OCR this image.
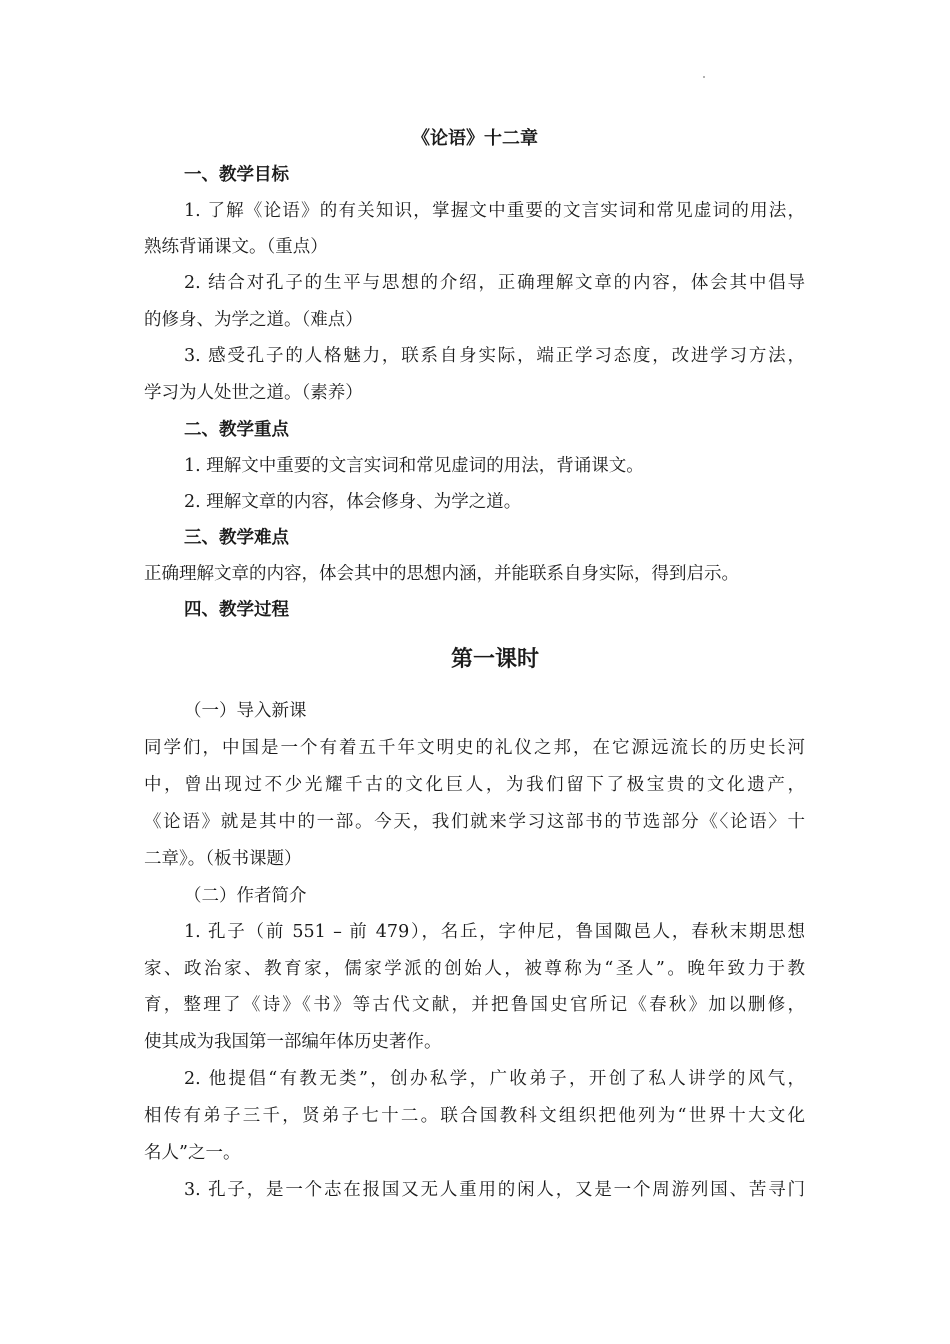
《论语》十二章
一、教学目标
1. 了解《论语》的有关知识，掌握文中重要的文言实词和常见虚词的用法，
熟练背诵课文。（重点）
2. 结合对孔子的生平与思想的介绍，正确理解文章的内容，体会其中倡导
的修身、为学之道。（难点）
3. 感受孔子的人格魅力，联系自身实际，端正学习态度，改进学习方法，
学习为人处世之道。（素养）
二、教学重点
1. 理解文中重要的文言实词和常见虚词的用法，背诵课文。
2. 理解文章的内容，体会修身、为学之道。
三、教学难点
正确理解文章的内容，体会其中的思想内涵，并能联系自身实际，得到启示。
四、教学过程
第一课时
（一）导入新课
同学们，中国是一个有着五千年文明史的礼仪之邦，在它源远流长的历史长河
中，曾出现过不少光耀千古的文化巨人，为我们留下了极宝贵的文化遗产，
《论语》就是其中的一部。今天，我们就来学习这部书的节选部分《〈论语〉十
二章》。（板书课题）
（二）作者简介
1. 孔子（前 551 – 前 479），名丘，字仲尼，鲁国陬邑人，春秋末期思想
家、政治家、教育家，儒家学派的创始人，被尊称为“圣人”。晚年致力于教
育，整理了《诗》《书》等古代文献，并把鲁国史官所记《春秋》加以删修，
使其成为我国第一部编年体历史著作。
2. 他提倡“有教无类”，创办私学，广收弟子，开创了私人讲学的风气，
相传有弟子三千，贤弟子七十二。联合国教科文组织把他列为“世界十大文化
名人”之一。
3. 孔子，是一个志在报国又无人重用的闲人，又是一个周游列国、苦寻门
